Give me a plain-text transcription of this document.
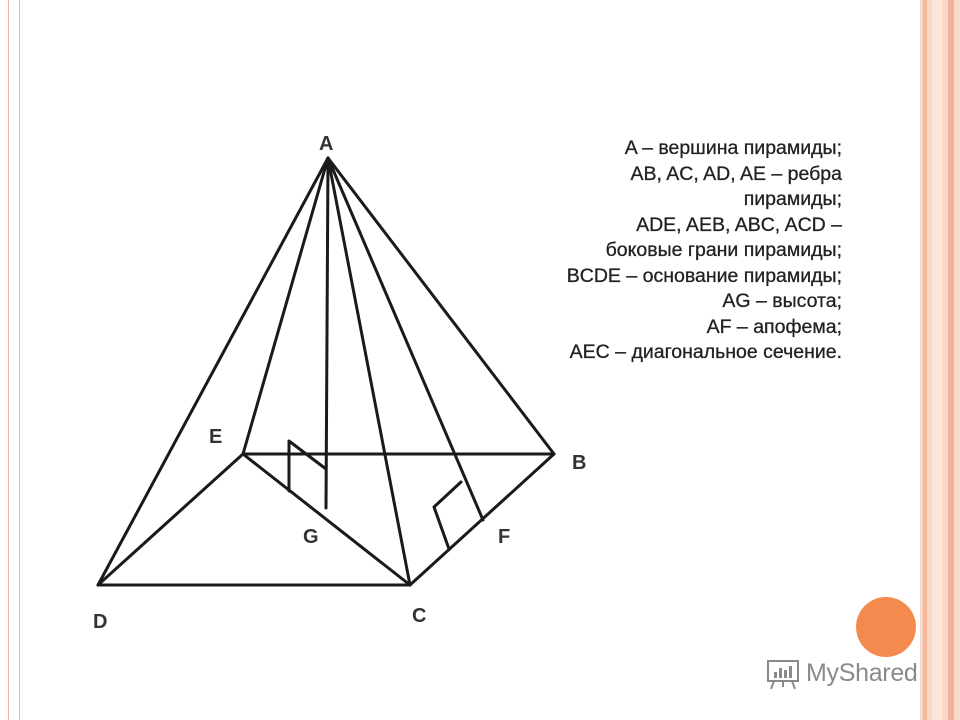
A
B
C
D
E
F
G
A – вершина пирамиды;
AB, AC, AD, AE – ребра
пирамиды;
ADE, AEB, ABC, ACD –
боковые грани пирамиды;
BCDE – основание пирамиды;
AG – высота;
AF – апофема;
AEC – диагональное сечение.
MyShared
